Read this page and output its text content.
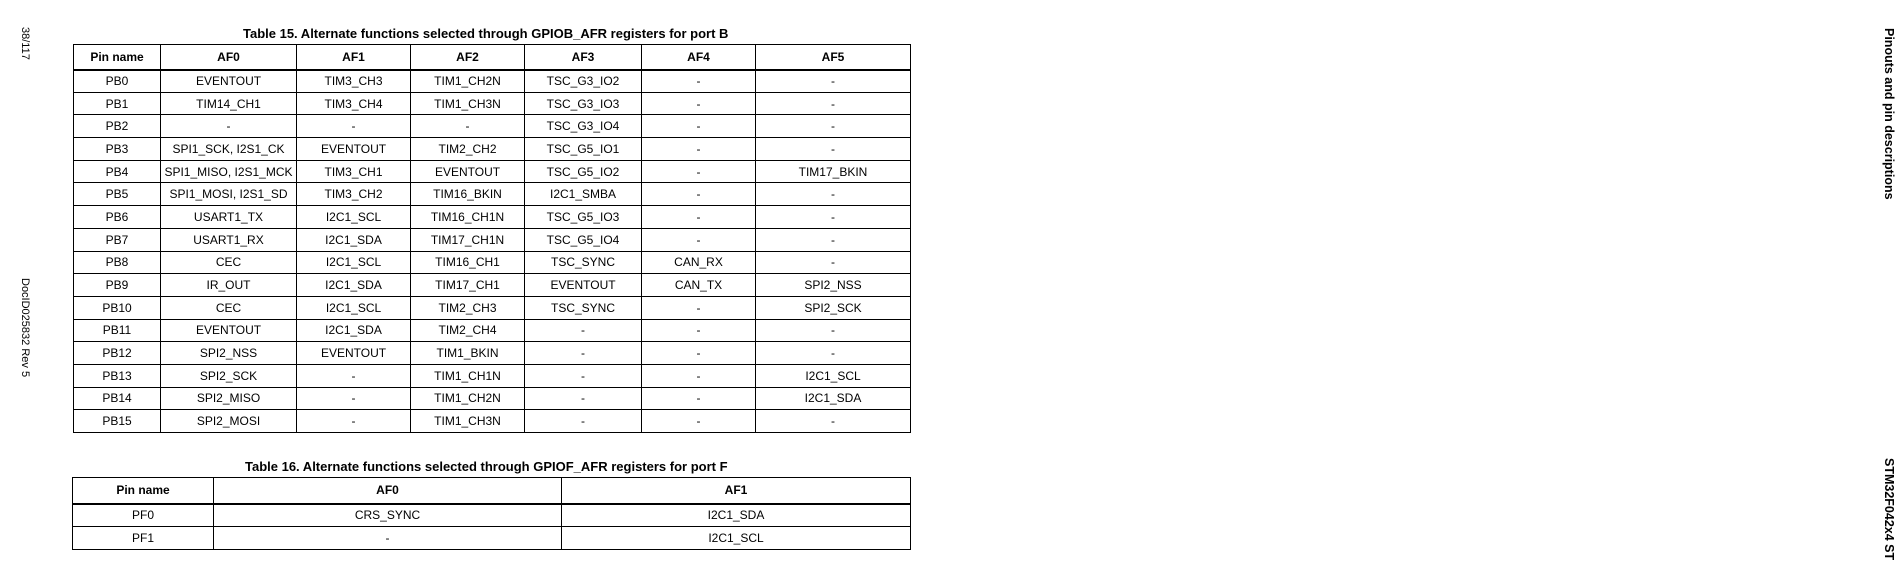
38/117
DocID025832 Rev 5
Pinouts and pin descriptions
STM32F042x4 ST
Table 15. Alternate functions selected through GPIOB_AFR registers for port B
Pin name	AF0	AF1	AF2	AF3	AF4	AF5
PB0	EVENTOUT	TIM3_CH3	TIM1_CH2N	TSC_G3_IO2	-	-
PB1	TIM14_CH1	TIM3_CH4	TIM1_CH3N	TSC_G3_IO3	-	-
PB2	-	-	-	TSC_G3_IO4	-	-
PB3	SPI1_SCK, I2S1_CK	EVENTOUT	TIM2_CH2	TSC_G5_IO1	-	-
PB4	SPI1_MISO, I2S1_MCK	TIM3_CH1	EVENTOUT	TSC_G5_IO2	-	TIM17_BKIN
PB5	SPI1_MOSI, I2S1_SD	TIM3_CH2	TIM16_BKIN	I2C1_SMBA	-	-
PB6	USART1_TX	I2C1_SCL	TIM16_CH1N	TSC_G5_IO3	-	-
PB7	USART1_RX	I2C1_SDA	TIM17_CH1N	TSC_G5_IO4	-	-
PB8	CEC	I2C1_SCL	TIM16_CH1	TSC_SYNC	CAN_RX	-
PB9	IR_OUT	I2C1_SDA	TIM17_CH1	EVENTOUT	CAN_TX	SPI2_NSS
PB10	CEC	I2C1_SCL	TIM2_CH3	TSC_SYNC	-	SPI2_SCK
PB11	EVENTOUT	I2C1_SDA	TIM2_CH4	-	-	-
PB12	SPI2_NSS	EVENTOUT	TIM1_BKIN	-	-	-
PB13	SPI2_SCK	-	TIM1_CH1N	-	-	I2C1_SCL
PB14	SPI2_MISO	-	TIM1_CH2N	-	-	I2C1_SDA
PB15	SPI2_MOSI	-	TIM1_CH3N	-	-	-
Table 16. Alternate functions selected through GPIOF_AFR registers for port F
Pin name	AF0	AF1
PF0	CRS_SYNC	I2C1_SDA
PF1	-	I2C1_SCL
